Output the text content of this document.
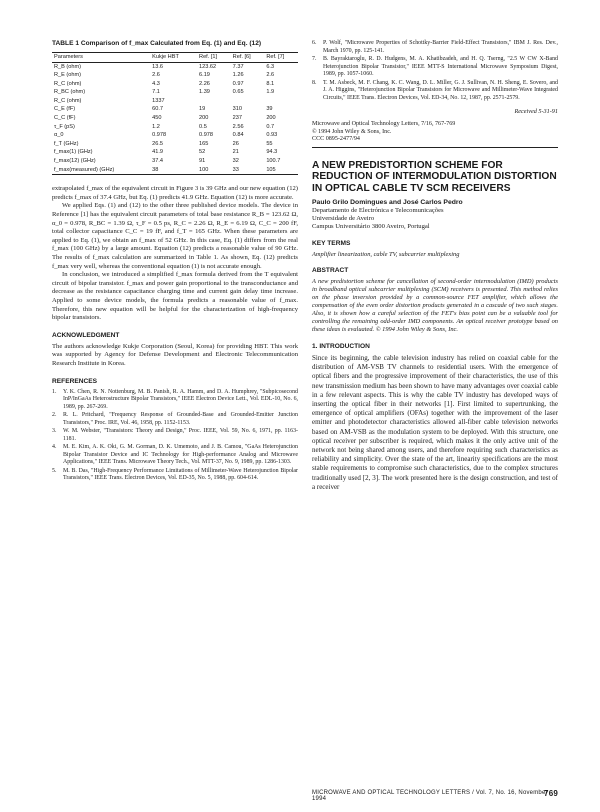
TABLE 1 Comparison of f_max Calculated from Eq. (1) and Eq. (12)
Parameters	Kukje HBT	Ref. [1]	Ref. [6]	Ref. [7]
R_B (ohm)	13.6	123.62	7.37	6.3
R_E (ohm)	2.6	6.19	1.26	2.6
R_C (ohm)	4.3	2.26	0.97	8.1
R_BC (ohm)	7.1	1.39	0.65	1.9
R_C (ohm)	1337			
C_E (fF)	60.7	19	310	39
C_C (fF)	450	200	237	200
τ_F (pS)	1.2	0.5	2.56	0.7
α_0	0.978	0.978	0.84	0.93
f_T (GHz)	26.5	165	26	55
f_max(1) (GHz)	41.9	52	21	94.3
f_max(12) (GHz)	37.4	91	32	100.7
f_max(measured) (GHz)	38	100	33	105

extrapolated f_max of the equivalent circuit in Figure 3 is 39 GHz and our new equation (12) predicts f_max of 37.4 GHz, but Eq. (1) predicts 41.9 GHz. Equation (12) is more accurate.

We applied Eqs. (1) and (12) to the other three published device models. The device in Reference [1] has the equivalent circuit parameters of total base resistance R_B = 123.62 Ω, α_0 = 0.978, R_BC = 1.39 Ω, τ_F = 0.5 ps, R_C = 2.26 Ω, R_E = 6.19 Ω, C_C = 200 fF, total collector capacitance C_C = 19 fF, and f_T = 165 GHz. When these parameters are applied to Eq. (1), we obtain an f_max of 52 GHz. In this case, Eq. (1) differs from the real f_max (100 GHz) by a large amount. Equation (12) predicts a reasonable value of 90 GHz. The results of f_max calculation are summarized in Table 1. As shown, Eq. (12) predicts f_max very well, whereas the conventional equation (1) is not accurate enough.

In conclusion, we introduced a simplified f_max formula derived from the T equivalent circuit of bipolar transistor. f_max and power gain proportional to the transconductance and decrease as the resistance capacitance charging time and current gain delay time increase. Applied to some device models, the formula predicts a reasonable value of f_max. Therefore, this new equation will be helpful for the characterization of high-frequency bipolar transistors.

ACKNOWLEDGMENT

The authors acknowledge Kukje Corporation (Seoul, Korea) for providing HBT. This work was supported by Agency for Defense Development and Electronic Telecommunication Research Institute in Korea.

REFERENCES
1.	Y. K. Chen, R. N. Nottenburg, M. B. Panish, R. A. Hamm, and D. A. Humphrey, "Subpicosecond InP/InGaAs Heterostructure Bipolar Transistors," IEEE Electron Device Lett., Vol. EDL-10, No. 6, 1989, pp. 267-269.
2.	R. L. Pritchard, "Frequency Response of Grounded-Base and Grounded-Emitter Junction Transistors," Proc. IRE, Vol. 46, 1958, pp. 1152-1153.
3.	W. M. Webster, "Transistors: Theory and Design," Proc. IEEE, Vol. 59, No. 6, 1971, pp. 1163-1181.
4.	M. E. Kim, A. K. Oki, G. M. Gorman, D. K. Umemoto, and J. B. Camou, "GaAs Heterojunction Bipolar Transistor Device and IC Technology for High-performance Analog and Microwave Applications," IEEE Trans. Microwave Theory Tech., Vol. MTT-37, No. 9, 1989, pp. 1286-1303.
5.	M. B. Das, "High-Frequency Performance Limitations of Millimeter-Wave Heterojunction Bipolar Transistors," IEEE Trans. Electron Devices, Vol. ED-35, No. 5, 1988, pp. 604-614.
6.	P. Wolf, "Microwave Properties of Schottky-Barrier Field-Effect Transistors," IBM J. Res. Dev., March 1970, pp. 125-141.
7.	B. Bayraktaroglu, R. D. Hudgens, M. A. Khatibzadeh, and H. Q. Tserng, "2.5 W CW X-Band Heterojunction Bipolar Transistor," IEEE MTT-S International Microwave Symposium Digest, 1989, pp. 1057-1060.
8.	T. M. Asbeck, M. F. Chang, K. C. Wang, D. L. Miller, G. J. Sullivan, N. H. Sheng, E. Sovero, and J. A. Higgins, "Heterojunction Bipolar Transistors for Microwave and Millimeter-Wave Integrated Circuits," IEEE Trans. Electron Devices, Vol. ED-34, No. 12, 1987, pp. 2571-2579.
Received 5-31-91
Microwave and Optical Technology Letters, 7/16, 767-769
© 1994 John Wiley & Sons, Inc.
CCC 0895-2477/94
A NEW PREDISTORTION SCHEME FOR REDUCTION OF INTERMODULATION DISTORTION IN OPTICAL CABLE TV SCM RECEIVERS
Paulo Grilo Domingues and José Carlos Pedro

Departamento de Electrónica e Telecomunicações

Universidade de Aveiro

Campus Universitário 3800 Aveiro, Portugal

KEY TERMS

Amplifier linearization, cable TV, subcarrier multiplexing

ABSTRACT

A new predistortion scheme for cancellation of second-order intermodulation (IMD) products in broadband optical subcarrier multiplexing (SCM) receivers is presented. This method relies on the phase inversion provided by a common-source FET amplifier, which allows the compensation of the even order distortion products generated in a cascade of two such stages. Also, it is shown how a careful selection of the FET's bias point can be a valuable tool for controlling the remaining odd-order IMD components. An optical receiver prototype based on these ideas is evaluated. © 1994 John Wiley & Sons, Inc.

1. INTRODUCTION

Since its beginning, the cable television industry has relied on coaxial cable for the distribution of AM-VSB TV channels to residential users. With the emergence of optical fibers and the progressive improvement of their characteristics, the use of this new transmission medium has been shown to have many advantages over coaxial cable in a few relevant aspects. This is why the cable TV industry has developed ways of inserting the optical fiber in their networks [1]. First limited to supertrunking, the emergence of optical amplifiers (OFAs) together with the improvement of the laser emitter and photodetector characteristics allowed all-fiber cable television networks based on AM-VSB as the modulation system to be deployed. With this structure, one optical receiver per subscriber is required, which makes it the only active unit of the network not being shared among users, and therefore requiring such characteristics as reliability and simplicity. Over the state of the art, linearity specifications are the most stable requirements to compromise such characteristics, due to the complex structures traditionally used [2, 3]. The work presented here is the design construction, and test of a receiver

MICROWAVE AND OPTICAL TECHNOLOGY LETTERS / Vol. 7, No. 16, November 1994
769
